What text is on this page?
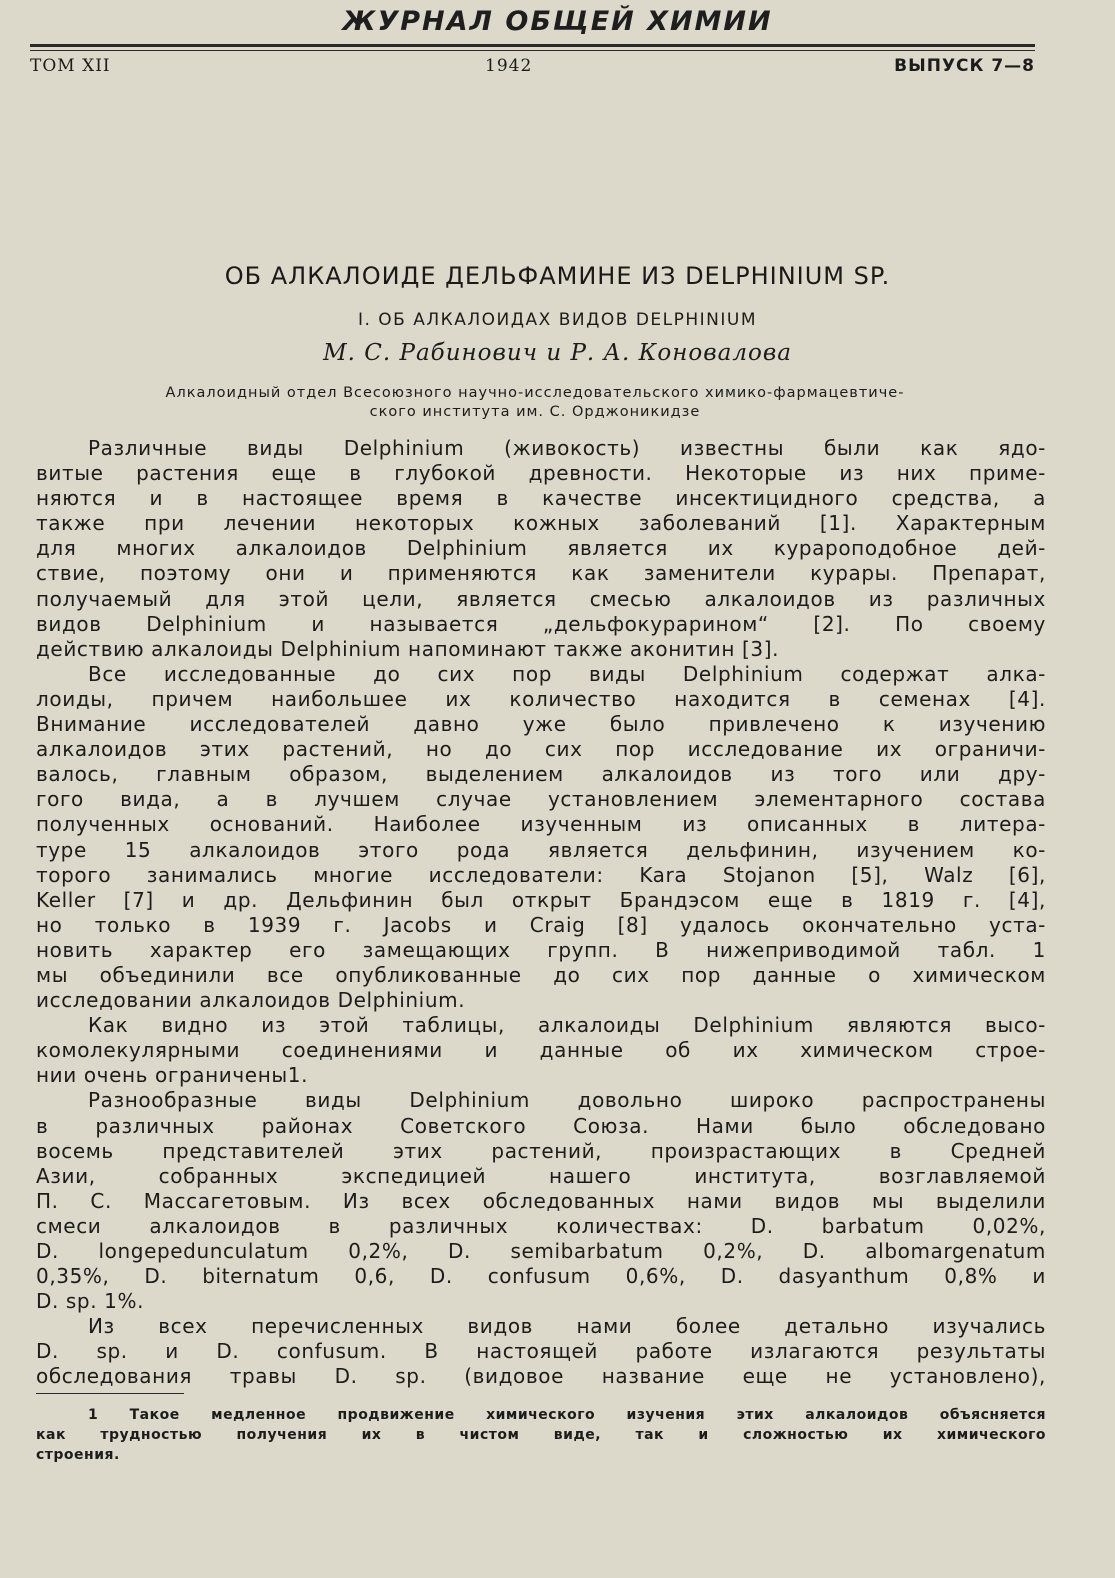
ЖУРНАЛ ОБЩЕЙ ХИМИИ
ТОМ XII	1942	ВЫПУСК 7—8
ОБ АЛКАЛОИДЕ ДЕЛЬФАМИНЕ ИЗ DELPHINIUM SP.
I. ОБ АЛКАЛОИДАХ ВИДОВ DELPHINIUM
М. С. Рабинович и Р. А. Коновалова
Алкалоидный отдел Всесоюзного научно-исследовательского химико-фармацевтиче-
ского института им. С. Орджоникидзе
Различные виды Delphinium (живокость) известны были как ядо-
витые растения еще в глубокой древности. Некоторые из них приме-
няются и в настоящее время в качестве инсектицидного средства, а
также при лечении некоторых кожных заболеваний [1]. Характерным
для многих алкалоидов Delphinium является их курароподобное дей-
ствие, поэтому они и применяются как заменители курары. Препарат,
получаемый для этой цели, является смесью алкалоидов из различных
видов Delphinium и называется „дельфокурарином“ [2]. По своему
действию алкалоиды Delphinium напоминают также аконитин [3].
Все исследованные до сих пор виды Delphinium содержат алка-
лоиды, причем наибольшее их количество находится в семенах [4].
Внимание исследователей давно уже было привлечено к изучению
алкалоидов этих растений, но до сих пор исследование их ограничи-
валось, главным образом, выделением алкалоидов из того или дру-
гого вида, а в лучшем случае установлением элементарного состава
полученных оснований. Наиболее изученным из описанных в литера-
туре 15 алкалоидов этого рода является дельфинин, изучением ко-
торого занимались многие исследователи: Kara Stojanon [5], Walz [6],
Keller [7] и др. Дельфинин был открыт Брандэсом еще в 1819 г. [4],
но только в 1939 г. Jacobs и Craig [8] удалось окончательно уста-
новить характер его замещающих групп. В нижеприводимой табл. 1
мы объединили все опубликованные до сих пор данные о химическом
исследовании алкалоидов Delphinium.
Как видно из этой таблицы, алкалоиды Delphinium являются высо-
комолекулярными соединениями и данные об их химическом строе-
нии очень ограничены1.
Разнообразные виды Delphinium довольно широко распространены
в различных районах Советского Союза. Нами было обследовано
восемь представителей этих растений, произрастающих в Средней
Азии, собранных экспедицией нашего института, возглавляемой
П. С. Массагетовым. Из всех обследованных нами видов мы выделили
смеси алкалоидов в различных количествах: D. barbatum 0,02%,
D. longepedunculatum 0,2%, D. semibarbatum 0,2%, D. albomargenatum
0,35%, D. biternatum 0,6, D. confusum 0,6%, D. dasyanthum 0,8% и
D. sp. 1%.
Из всех перечисленных видов нами более детально изучались
D. sp. и D. confusum. В настоящей работе излагаются результаты
обследования травы D. sp. (видовое название еще не установлено),
1 Такое медленное продвижение химического изучения этих алкалоидов объясняется
как трудностью получения их в чистом виде, так и сложностью их химического
строения.
